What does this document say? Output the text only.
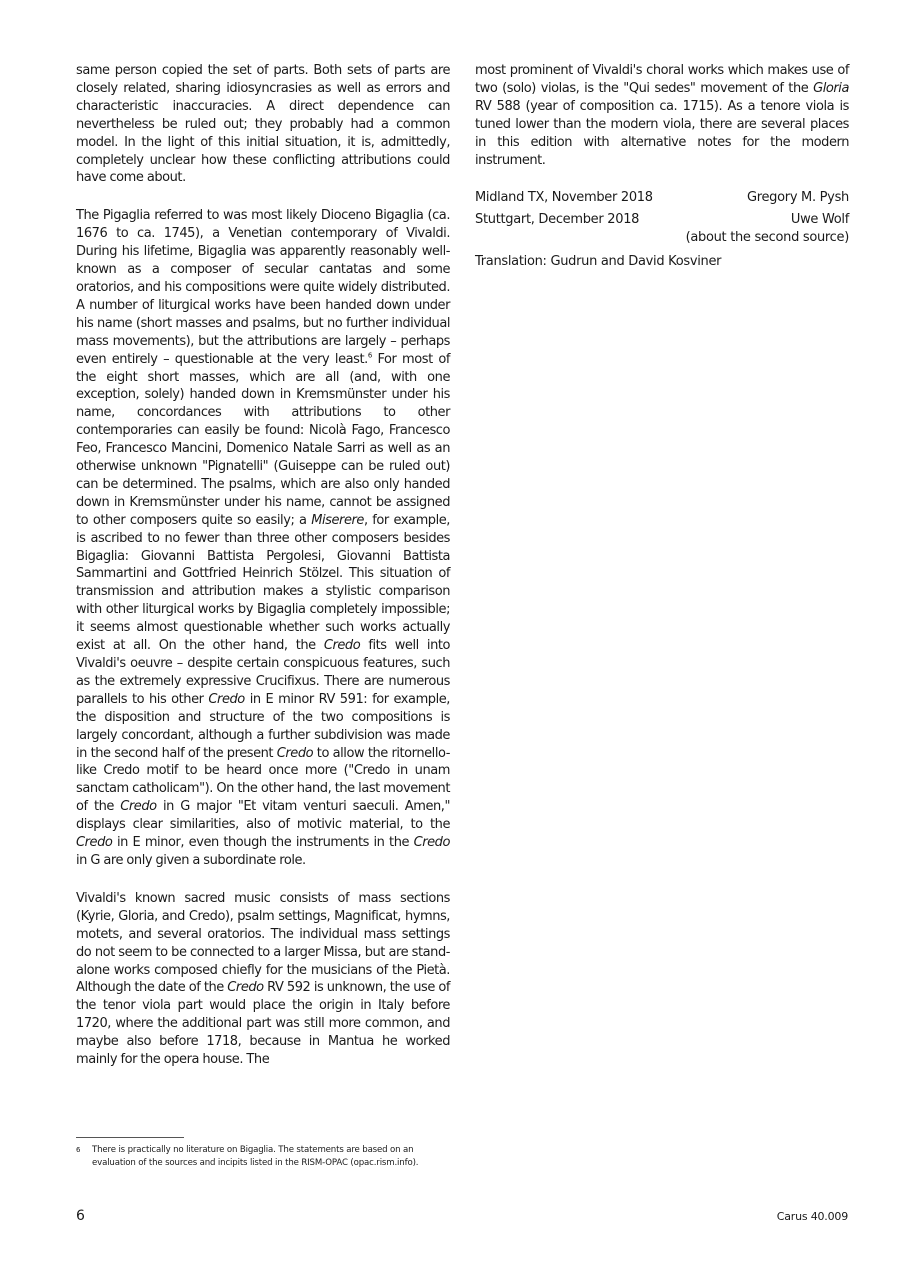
same person copied the set of parts. Both sets of parts are closely related, sharing idiosyncrasies as well as errors and characteristic inaccuracies. A direct dependence can nevertheless be ruled out; they probably had a common model. In the light of this initial situation, it is, admittedly, completely unclear how these conflicting attributions could have come about.

The Pigaglia referred to was most likely Dioceno Bigaglia (ca. 1676 to ca. 1745), a Venetian contemporary of Vivaldi. During his lifetime, Bigaglia was apparently reasonably well-known as a composer of secular cantatas and some oratorios, and his compositions were quite widely distributed. A number of liturgical works have been handed down under his name (short masses and psalms, but no further individual mass movements), but the attributions are largely – perhaps even entirely – questionable at the very least.$^6$ For most of the eight short masses, which are all (and, with one exception, solely) handed down in Kremsmünster under his name, concordances with attributions to other contemporaries can easily be found: Nicolà Fago, Francesco Feo, Francesco Mancini, Domenico Natale Sarri as well as an otherwise unknown "Pignatelli" (Guiseppe can be ruled out) can be determined. The psalms, which are also only handed down in Kremsmünster under his name, cannot be assigned to other composers quite so easily; a Miserere, for example, is ascribed to no fewer than three other composers besides Bigaglia: Giovanni Battista Pergolesi, Giovanni Battista Sammartini and Gottfried Heinrich Stölzel. This situation of transmission and attribution makes a stylistic comparison with other liturgical works by Bigaglia completely impossible; it seems almost questionable whether such works actually exist at all. On the other hand, the Credo fits well into Vivaldi's oeuvre – despite certain conspicuous features, such as the extremely expressive Crucifixus. There are numerous parallels to his other Credo in E minor RV 591: for example, the disposition and structure of the two compositions is largely concordant, although a further subdivision was made in the second half of the present Credo to allow the ritornello-like Credo motif to be heard once more ("Credo in unam sanctam catholicam"). On the other hand, the last movement of the Credo in G major "Et vitam venturi saeculi. Amen," displays clear similarities, also of motivic material, to the Credo in E minor, even though the instruments in the Credo in G are only given a subordinate role.

Vivaldi's known sacred music consists of mass sections (Kyrie, Gloria, and Credo), psalm settings, Magnificat, hymns, motets, and several oratorios. The individual mass settings do not seem to be connected to a larger Missa, but are stand-alone works composed chiefly for the musicians of the Pietà. Although the date of the Credo RV 592 is unknown, the use of the tenor viola part would place the origin in Italy before 1720, where the additional part was still more common, and maybe also before 1718, because in Mantua he worked mainly for the opera house. The

most prominent of Vivaldi's choral works which makes use of two (solo) violas, is the "Qui sedes" movement of the Gloria RV 588 (year of composition ca. 1715). As a tenore viola is tuned lower than the modern viola, there are several places in this edition with alternative notes for the modern instrument.

Midland TX, November 2018	Gregory M. Pysh
Stuttgart, December 2018	Uwe Wolf
(about the second source)
Translation: Gudrun and David Kosviner
6	There is practically no literature on Bigaglia. The statements are based on an evaluation of the sources and incipits listed in the RISM-OPAC (opac.rism.info).
6	Carus 40.009
